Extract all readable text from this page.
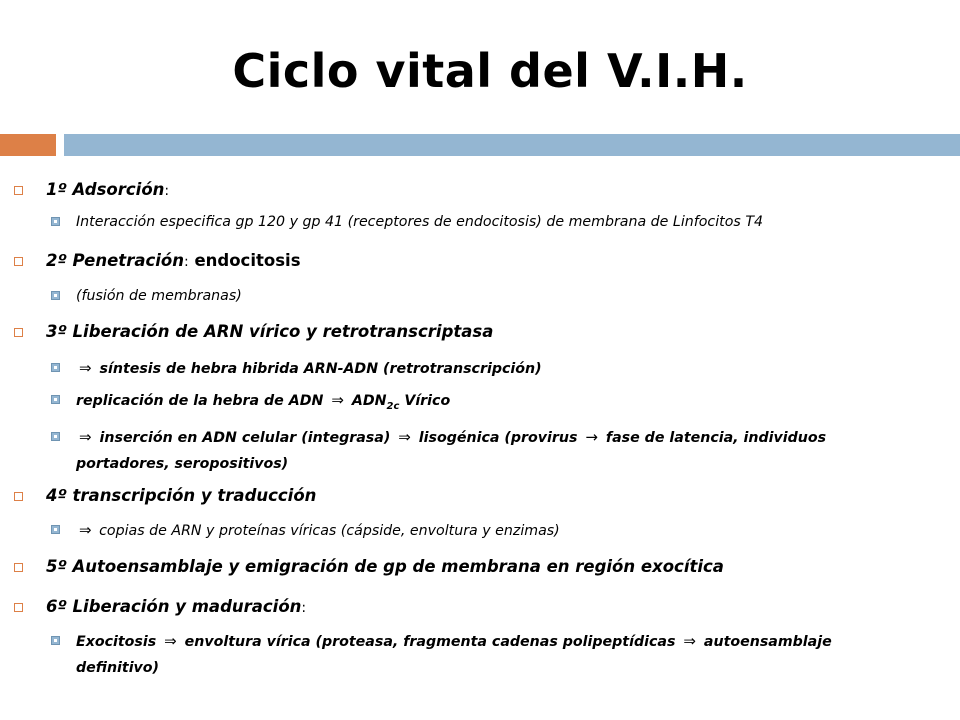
Ciclo vital del V.I.H.
1º Adsorción:
Interacción especifica gp 120 y gp 41 (receptores de endocitosis) de membrana de Linfocitos T4
2º Penetración: endocitosis
(fusión de membranas)
3º Liberación de ARN vírico y retrotranscriptasa
⇒ síntesis de hebra hibrida ARN-ADN (retrotranscripción)
replicación de la hebra de ADN ⇒ $ADN_{2c}$ Vírico
⇒ inserción en ADN celular (integrasa) ⇒ lisogénica (provirus → fase de latencia, individuos
portadores, seropositivos)
4º transcripción y traducción
⇒ copias de ARN y proteínas víricas (cápside, envoltura y enzimas)
5º Autoensamblaje y emigración de gp de membrana en región exocítica
6º Liberación y maduración:
Exocitosis ⇒ envoltura vírica (proteasa, fragmenta cadenas polipeptídicas ⇒ autoensamblaje
definitivo)
